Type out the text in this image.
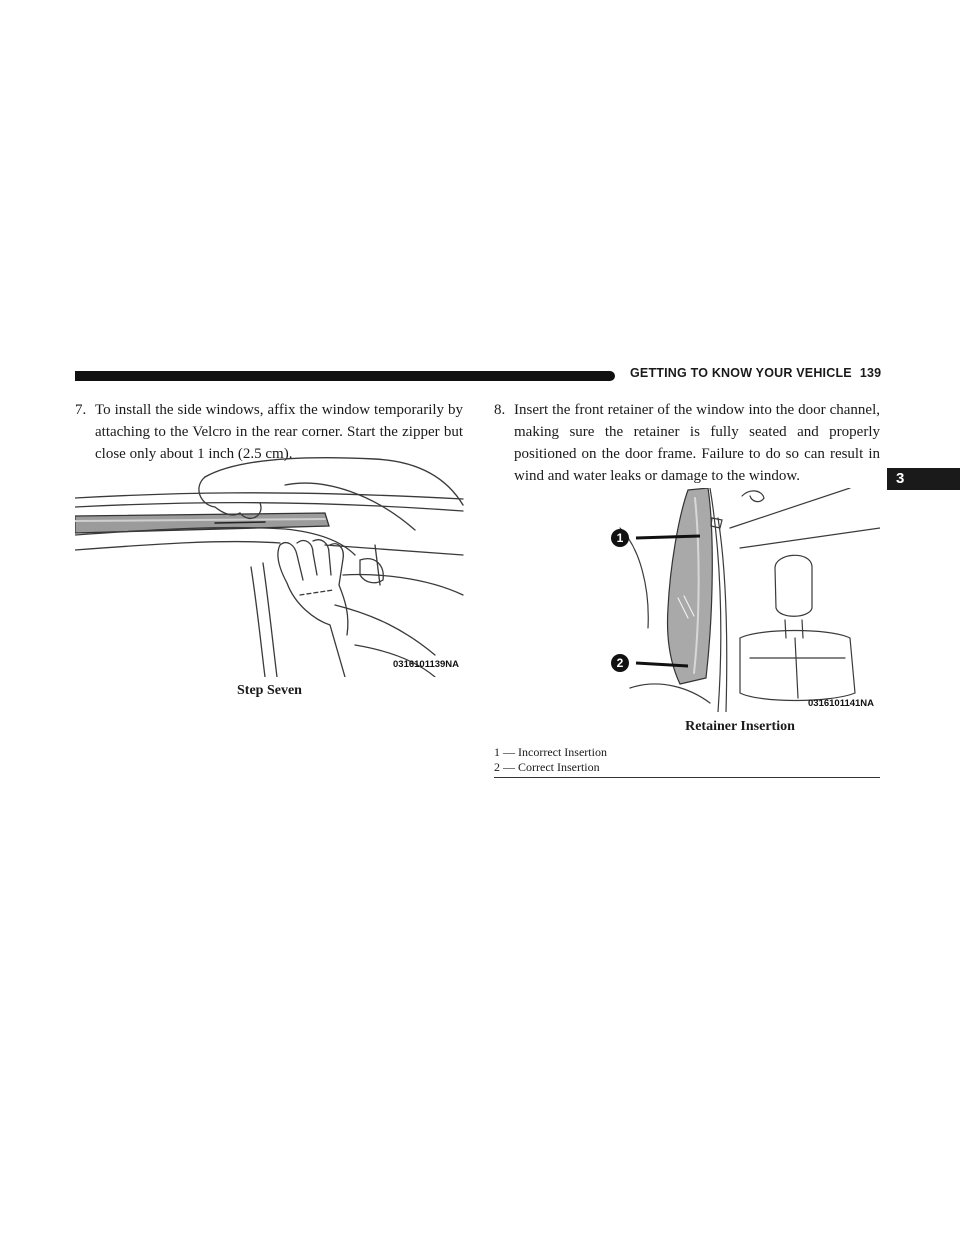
GETTING TO KNOW YOUR VEHICLE 139
3
7. To install the side windows, affix the window temporarily by attaching to the Velcro in the rear corner. Start the zipper but close only about 1 inch (2.5 cm).
0316101139NA
Step Seven
8. Insert the front retainer of the window into the door channel, making sure the retainer is fully seated and properly positioned on the door frame. Failure to do so can result in wind and water leaks or damage to the window.
1
2
0316101141NA
Retainer Insertion
1 — Incorrect Insertion
2 — Correct Insertion
